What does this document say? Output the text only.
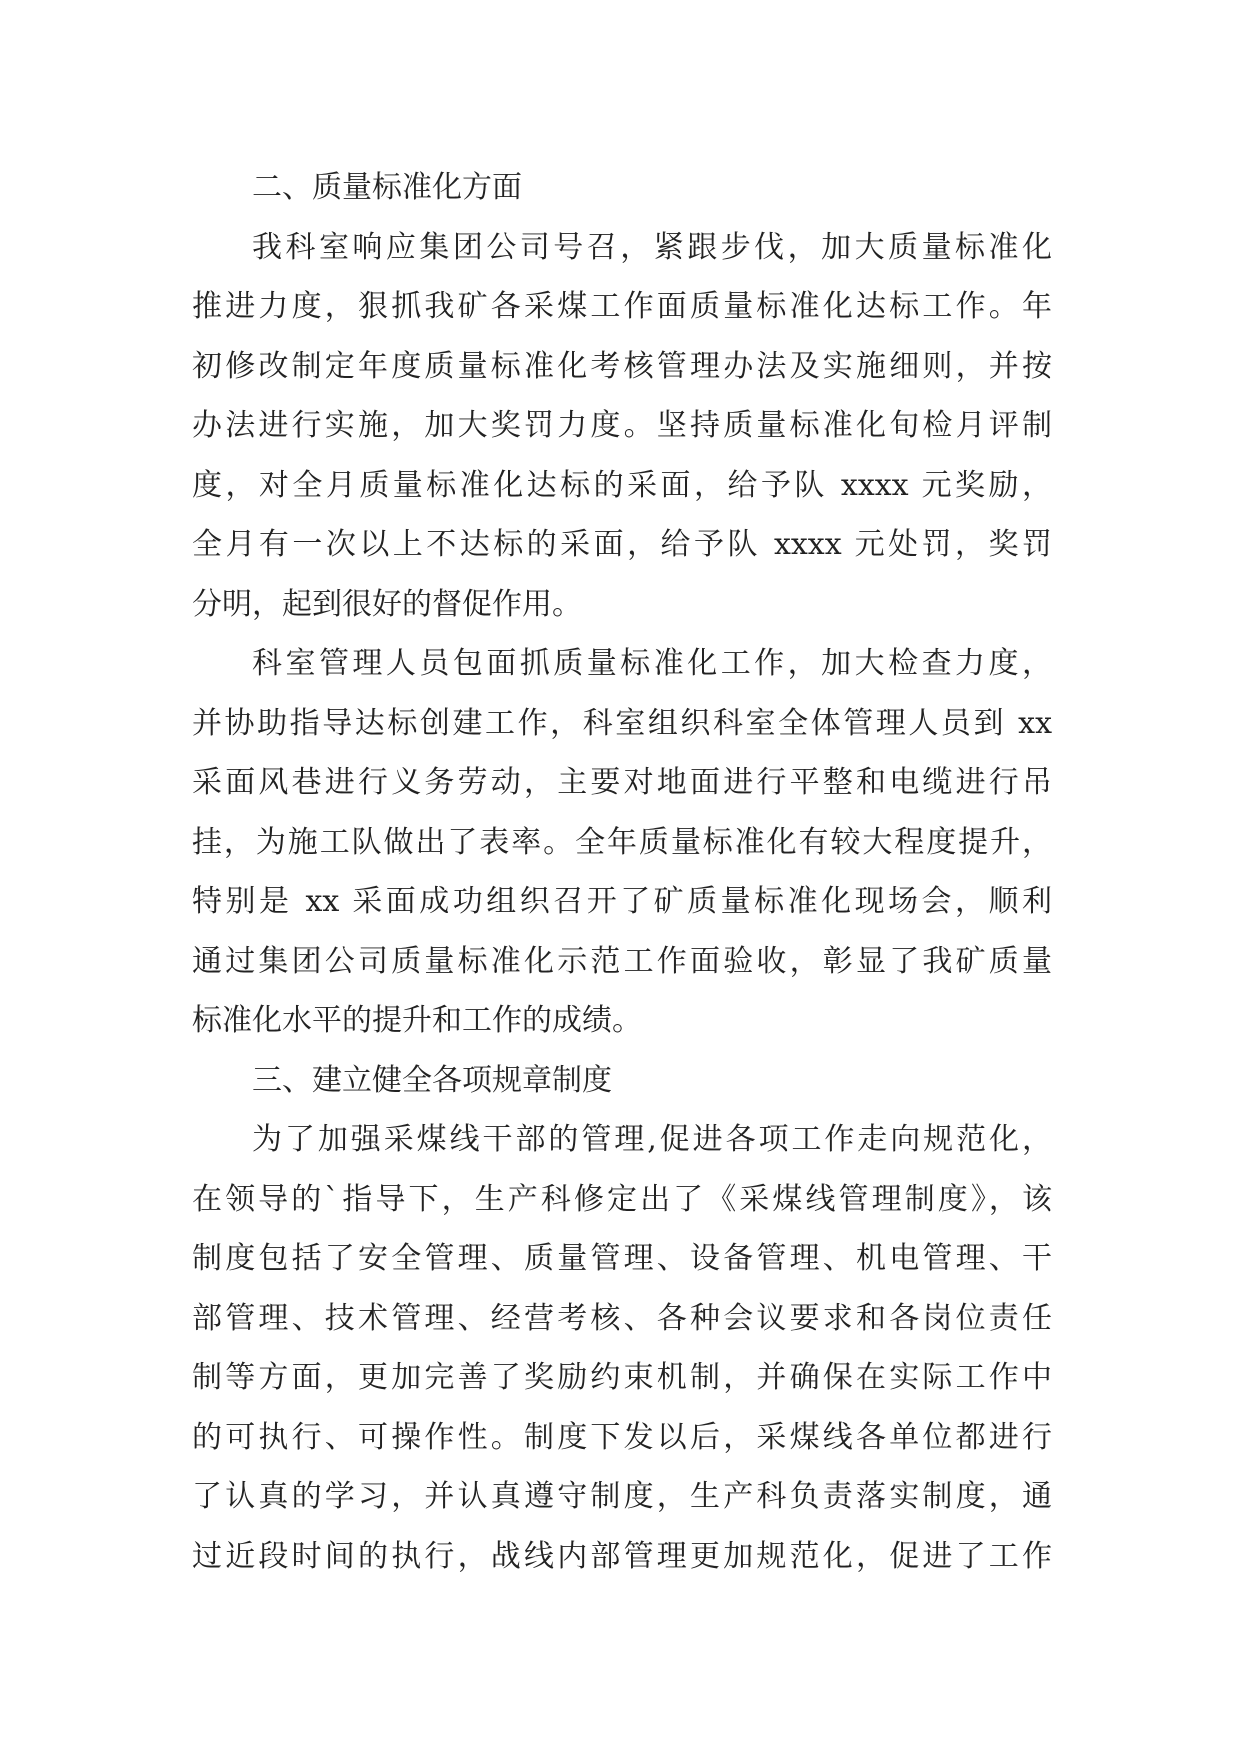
二、质量标准化方面
我科室响应集团公司号召，紧跟步伐，加大质量标准化
推进力度，狠抓我矿各采煤工作面质量标准化达标工作。年
初修改制定年度质量标准化考核管理办法及实施细则，并按
办法进行实施，加大奖罚力度。坚持质量标准化旬检月评制
度，对全月质量标准化达标的采面，给予队 xxxx 元奖励，
全月有一次以上不达标的采面，给予队 xxxx 元处罚，奖罚
分明，起到很好的督促作用。
科室管理人员包面抓质量标准化工作，加大检查力度，
并协助指导达标创建工作，科室组织科室全体管理人员到 xx
采面风巷进行义务劳动，主要对地面进行平整和电缆进行吊
挂，为施工队做出了表率。全年质量标准化有较大程度提升，
特别是 xx 采面成功组织召开了矿质量标准化现场会，顺利
通过集团公司质量标准化示范工作面验收，彰显了我矿质量
标准化水平的提升和工作的成绩。
三、建立健全各项规章制度
为了加强采煤线干部的管理,促进各项工作走向规范化，
在领导的`指导下，生产科修定出了《采煤线管理制度》，该
制度包括了安全管理、质量管理、设备管理、机电管理、干
部管理、技术管理、经营考核、各种会议要求和各岗位责任
制等方面，更加完善了奖励约束机制，并确保在实际工作中
的可执行、可操作性。制度下发以后，采煤线各单位都进行
了认真的学习，并认真遵守制度，生产科负责落实制度，通
过近段时间的执行，战线内部管理更加规范化，促进了工作
